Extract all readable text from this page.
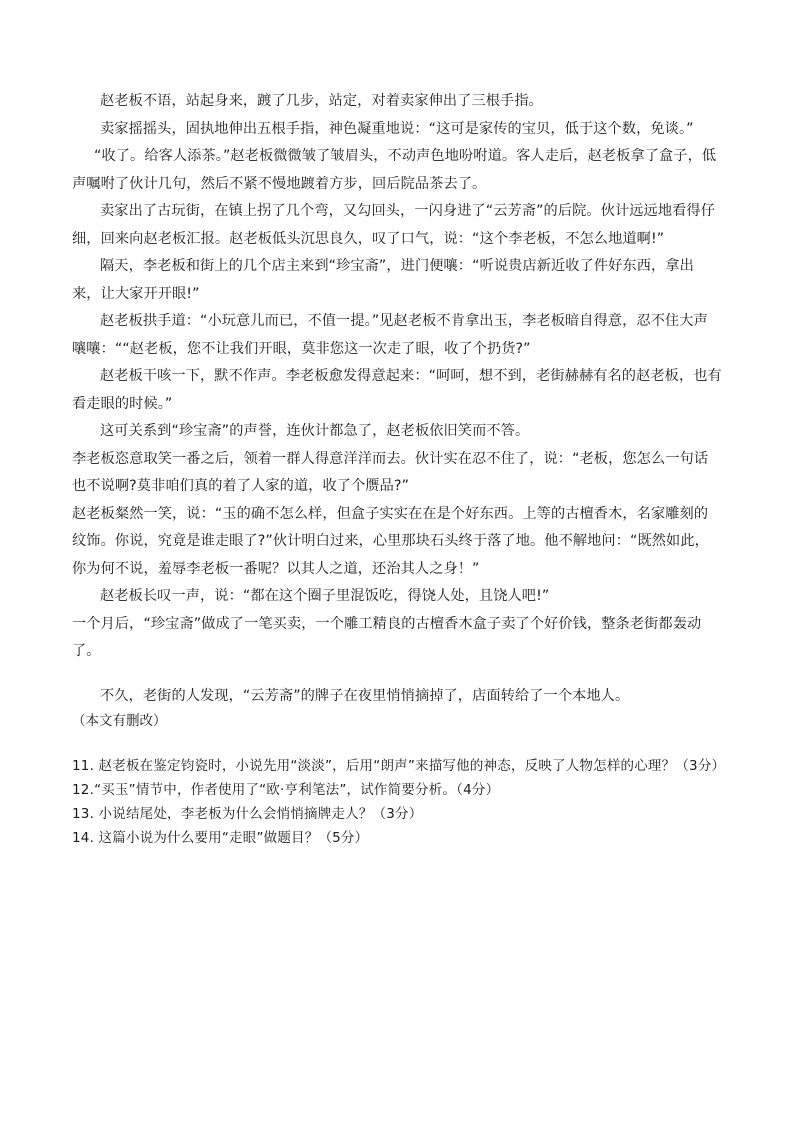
赵老板不语，站起身来，踱了几步，站定，对着卖家伸出了三根手指。

卖家摇摇头，固执地伸出五根手指，神色凝重地说：“这可是家传的宝贝，低于这个数，免谈。”

“收了。给客人添茶。”赵老板微微皱了皱眉头，不动声色地吩咐道。客人走后，赵老板拿了盒子，低声嘱咐了伙计几句，然后不紧不慢地踱着方步，回后院品茶去了。

卖家出了古玩街，在镇上拐了几个弯，又勾回头，一闪身进了“云芳斋”的后院。伙计远远地看得仔细，回来向赵老板汇报。赵老板低头沉思良久，叹了口气，说：“这个李老板，不怎么地道啊!”

隔天，李老板和街上的几个店主来到“珍宝斋”，进门便嚷：“听说贵店新近收了件好东西，拿出来，让大家开开眼!”

赵老板拱手道：“小玩意儿而已，不值一提。”见赵老板不肯拿出玉，李老板暗自得意，忍不住大声嚷嚷：““赵老板，您不让我们开眼，莫非您这一次走了眼，收了个扔货?”

赵老板干咳一下，默不作声。李老板愈发得意起来：“呵呵，想不到，老街赫赫有名的赵老板，也有看走眼的时候。”

这可关系到“珍宝斋”的声誉，连伙计都急了，赵老板依旧笑而不答。

李老板恣意取笑一番之后，领着一群人得意洋洋而去。伙计实在忍不住了，说：“老板，您怎么一句话也不说啊?莫非咱们真的着了人家的道，收了个赝品?”

赵老板粲然一笑，说：“玉的确不怎么样，但盒子实实在在是个好东西。上等的古檀香木，名家雕刻的纹饰。你说，究竟是谁走眼了?”伙计明白过来，心里那块石头终于落了地。他不解地问：“既然如此，你为何不说，羞辱李老板一番呢？以其人之道，还治其人之身！”

赵老板长叹一声，说：“都在这个圈子里混饭吃，得饶人处，且饶人吧!”

一个月后，“珍宝斋”做成了一笔买卖，一个雕工精良的古檀香木盒子卖了个好价钱，整条老街都轰动了。

不久，老街的人发现，“云芳斋”的牌子在夜里悄悄摘掉了，店面转给了一个本地人。

（本文有删改）

11. 赵老板在鉴定钧瓷时，小说先用“淡淡”，后用“朗声”来描写他的神态，反映了人物怎样的心理？（3分）

12.“买玉”情节中，作者使用了“欧·亨利笔法”，试作简要分析。（4分）

13. 小说结尾处，李老板为什么会悄悄摘牌走人？（3分）

14. 这篇小说为什么要用“走眼”做题目？（5分）
